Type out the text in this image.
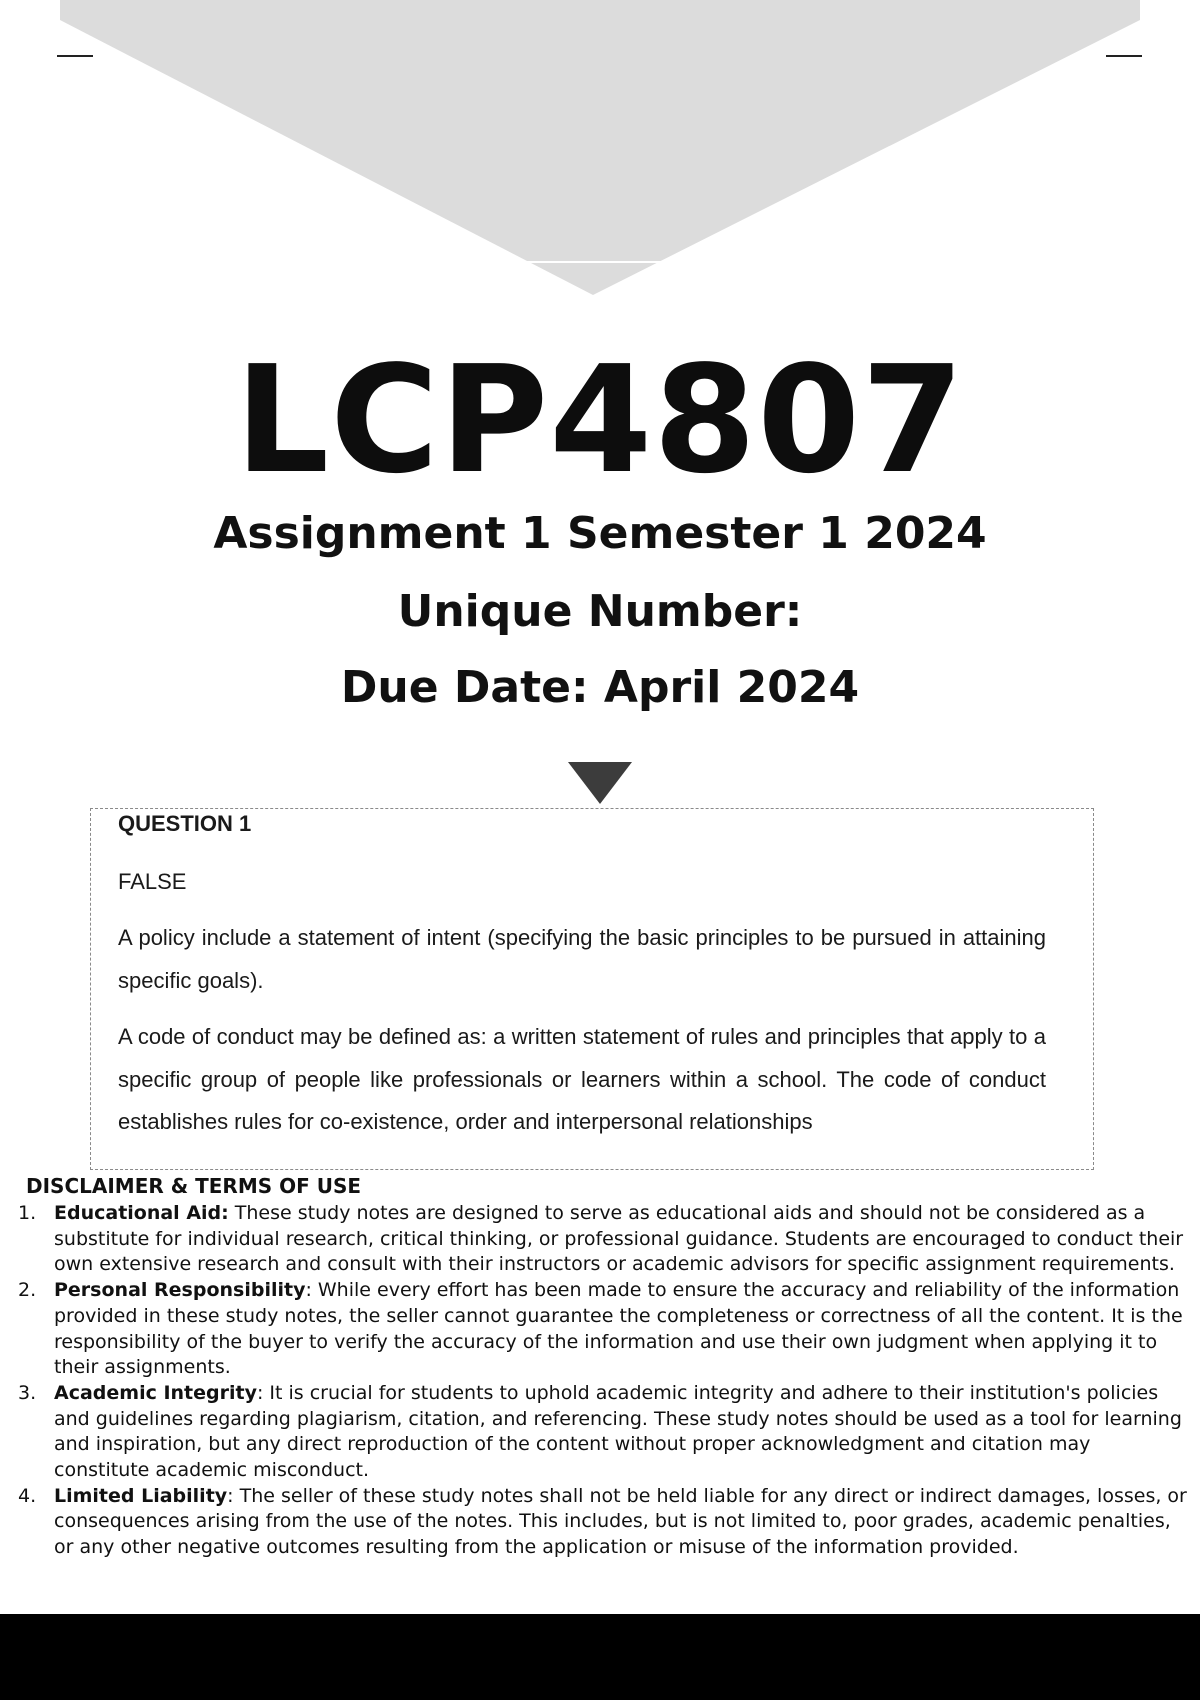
LCP4807
Assignment 1 Semester 1 2024
Unique Number:
Due Date: April 2024
QUESTION 1
FALSE

A policy include a statement of intent (specifying the basic principles to be pursued in attaining specific goals).

A code of conduct may be defined as: a written statement of rules and principles that apply to a specific group of people like professionals or learners within a school. The code of conduct establishes rules for co-existence, order and interpersonal relationships

DISCLAIMER & TERMS OF USE
1. Educational Aid: These study notes are designed to serve as educational aids and should not be considered as a substitute for individual research, critical thinking, or professional guidance. Students are encouraged to conduct their own extensive research and consult with their instructors or academic advisors for specific assignment requirements.
2. Personal Responsibility: While every effort has been made to ensure the accuracy and reliability of the information provided in these study notes, the seller cannot guarantee the completeness or correctness of all the content. It is the responsibility of the buyer to verify the accuracy of the information and use their own judgment when applying it to their assignments.
3. Academic Integrity: It is crucial for students to uphold academic integrity and adhere to their institution's policies and guidelines regarding plagiarism, citation, and referencing. These study notes should be used as a tool for learning and inspiration, but any direct reproduction of the content without proper acknowledgment and citation may constitute academic misconduct.
4. Limited Liability: The seller of these study notes shall not be held liable for any direct or indirect damages, losses, or consequences arising from the use of the notes. This includes, but is not limited to, poor grades, academic penalties, or any other negative outcomes resulting from the application or misuse of the information provided.
